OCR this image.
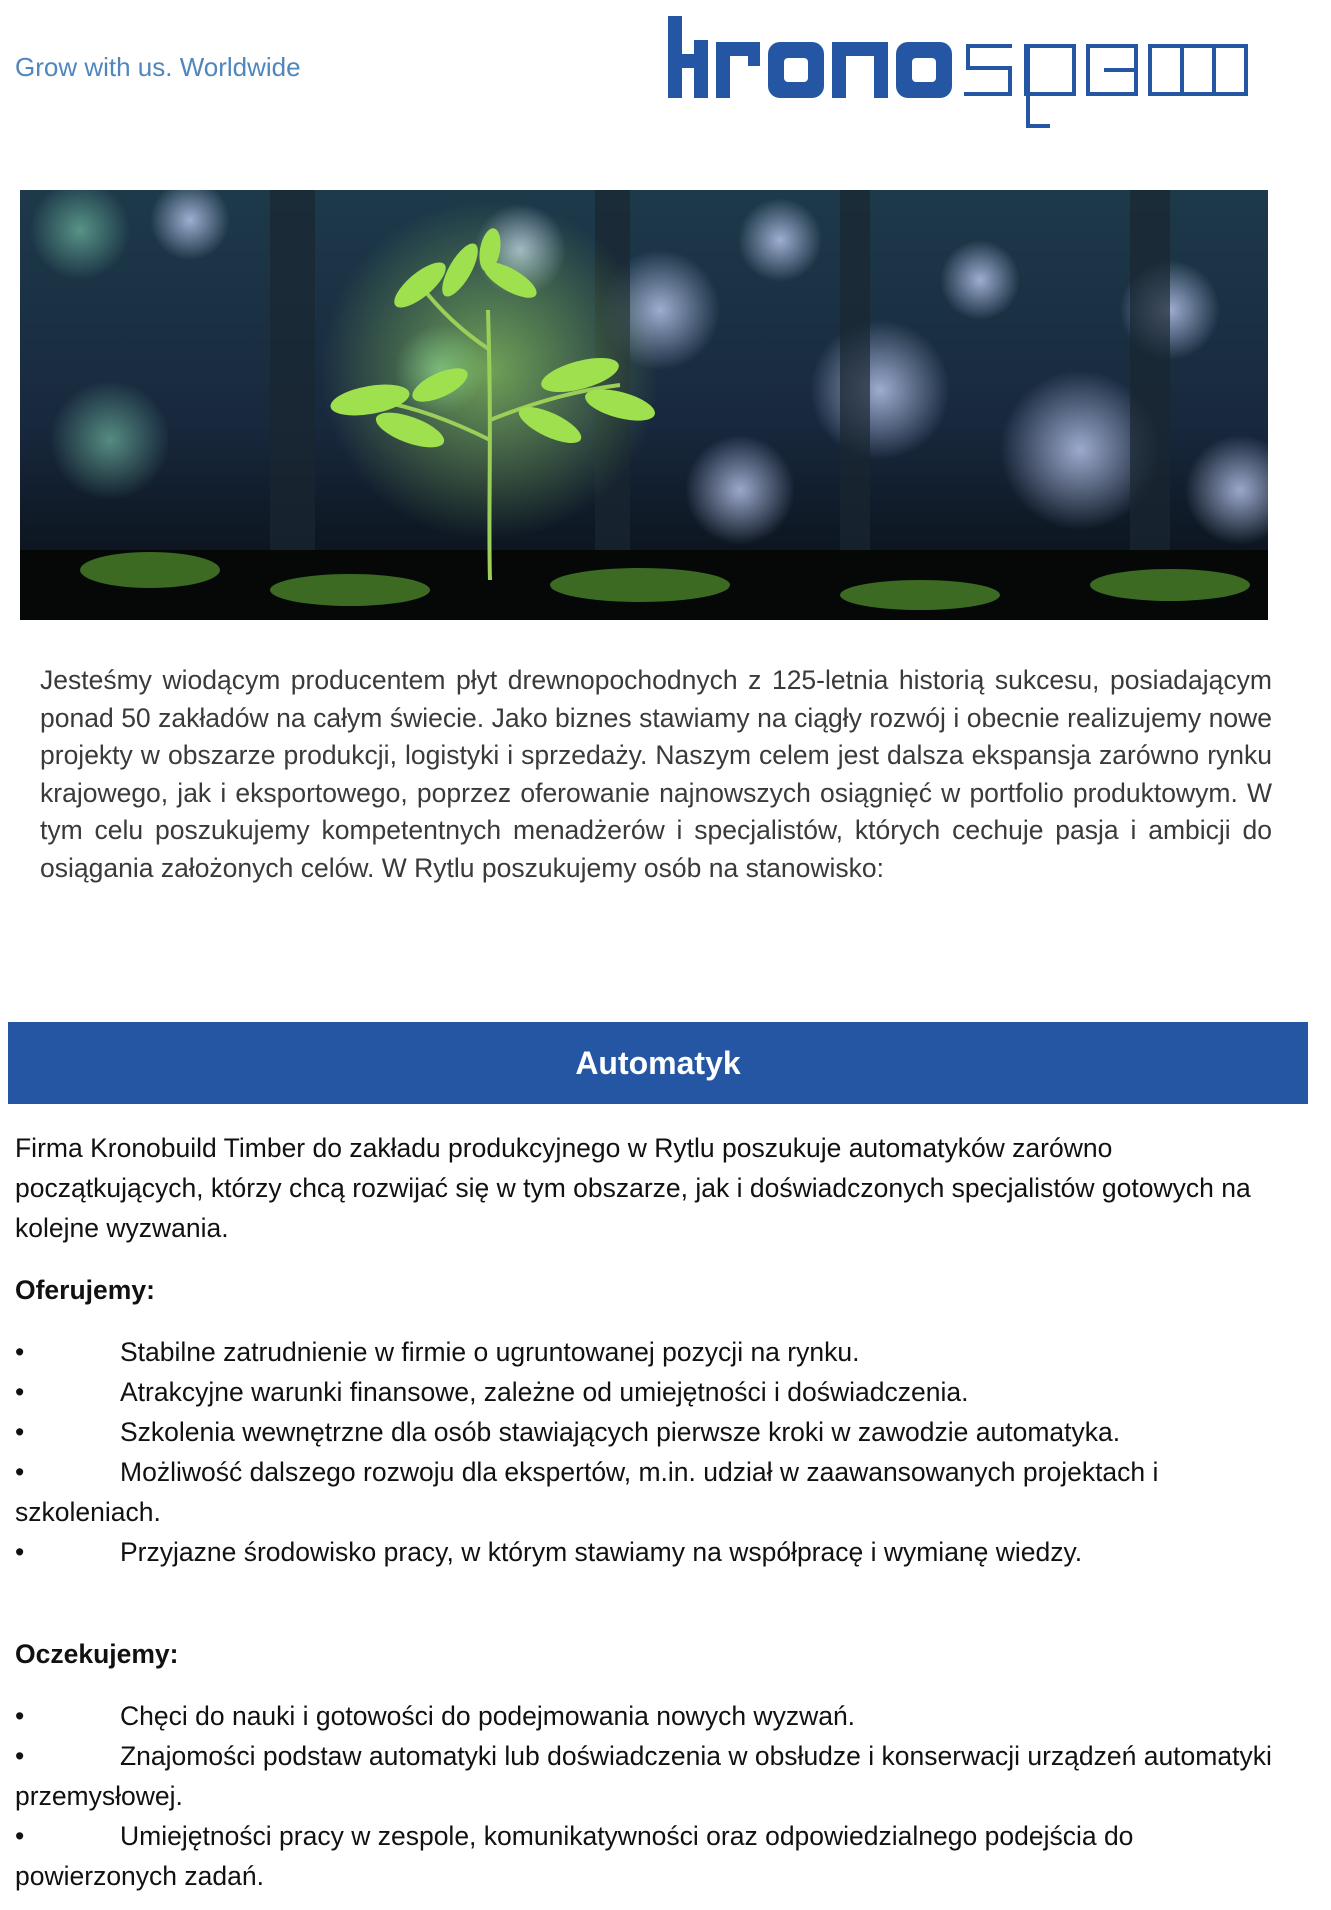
Grow with us. Worldwide
Jesteśmy wiodącym producentem płyt drewnopochodnych z 125-letnia historią sukcesu, posiadającym ponad 50 zakładów na całym świecie. Jako biznes stawiamy na ciągły rozwój i obecnie realizujemy nowe projekty w obszarze produkcji, logistyki i sprzedaży. Naszym celem jest dalsza ekspansja zarówno rynku krajowego, jak i eksportowego, poprzez oferowanie najnowszych osiągnięć w portfolio produktowym. W tym celu poszukujemy kompetentnych menadżerów i specjalistów, których cechuje pasja i ambicji do osiągania założonych celów. W Rytlu poszukujemy osób na stanowisko:
Automatyk

Firma Kronobuild Timber do zakładu produkcyjnego w Rytlu poszukuje automatyków zarówno początkujących, którzy chcą rozwijać się w tym obszarze, jak i doświadczonych specjalistów gotowych na kolejne wyzwania.

Oferujemy:

•	Stabilne zatrudnienie w firmie o ugruntowanej pozycji na rynku.
•	Atrakcyjne warunki finansowe, zależne od umiejętności i doświadczenia.
•	Szkolenia wewnętrzne dla osób stawiających pierwsze kroki w zawodzie automatyka.
•	Możliwość dalszego rozwoju dla ekspertów, m.in. udział w zaawansowanych projektach i szkoleniach.
•	Przyjazne środowisko pracy, w którym stawiamy na współpracę i wymianę wiedzy.

Oczekujemy:

•	Chęci do nauki i gotowości do podejmowania nowych wyzwań.
•	Znajomości podstaw automatyki lub doświadczenia w obsłudze i konserwacji urządzeń automatyki przemysłowej.
•	Umiejętności pracy w zespole, komunikatywności oraz odpowiedzialnego podejścia do powierzonych zadań.
